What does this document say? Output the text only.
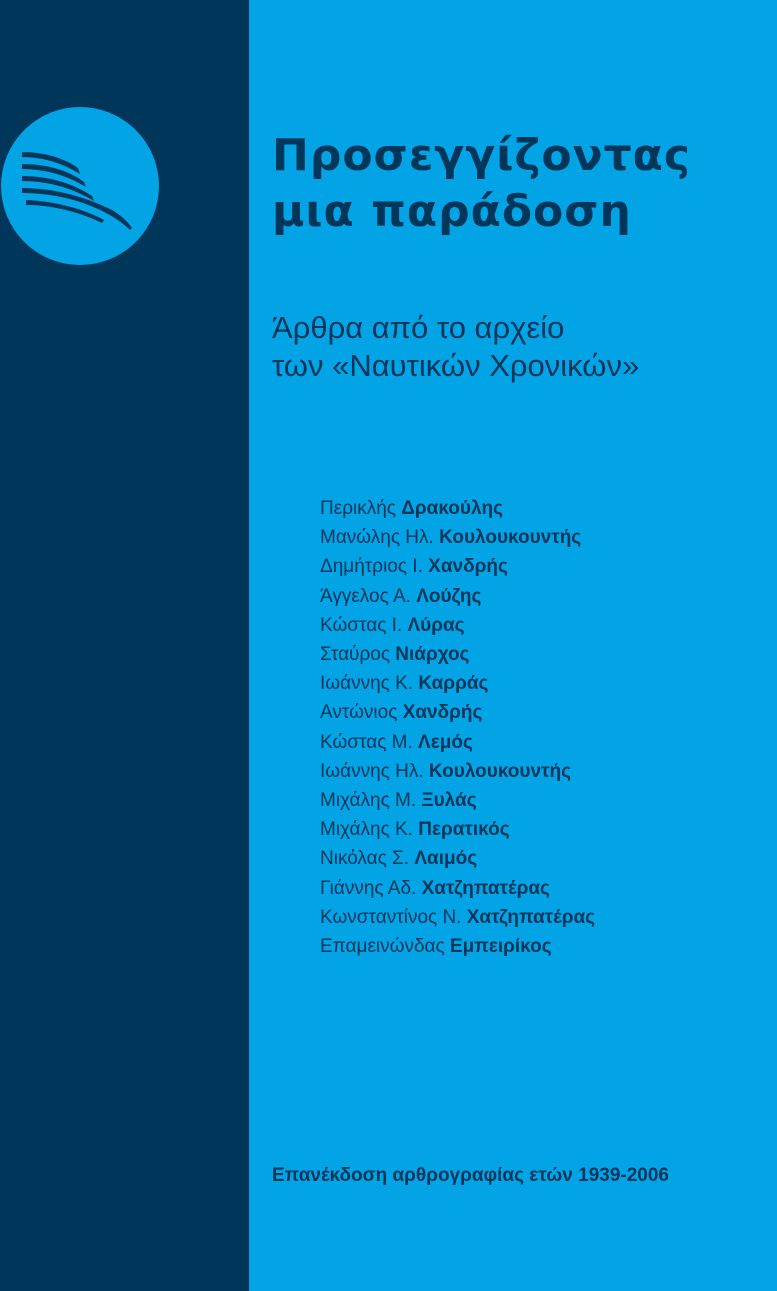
Προσεγγίζοντας
μια παράδοση
Άρθρα από το αρχείο
των «Ναυτικών Χρονικών»
Περικλής Δρακούλης
Μανώλης Ηλ. Κουλουκουντής
Δημήτριος Ι. Χανδρής
Άγγελος Α. Λούζης
Κώστας Ι. Λύρας
Σταύρος Νιάρχος
Ιωάννης Κ. Καρράς
Αντώνιος Χανδρής
Κώστας Μ. Λεμός
Ιωάννης Ηλ. Κουλουκουντής
Μιχάλης Μ. Ξυλάς
Μιχάλης Κ. Περατικός
Νικόλας Σ. Λαιμός
Γιάννης Αδ. Χατζηπατέρας
Κωνσταντίνος Ν. Χατζηπατέρας
Επαμεινώνδας Εμπειρίκος

Επανέκδοση αρθρογραφίας ετών 1939-2006
